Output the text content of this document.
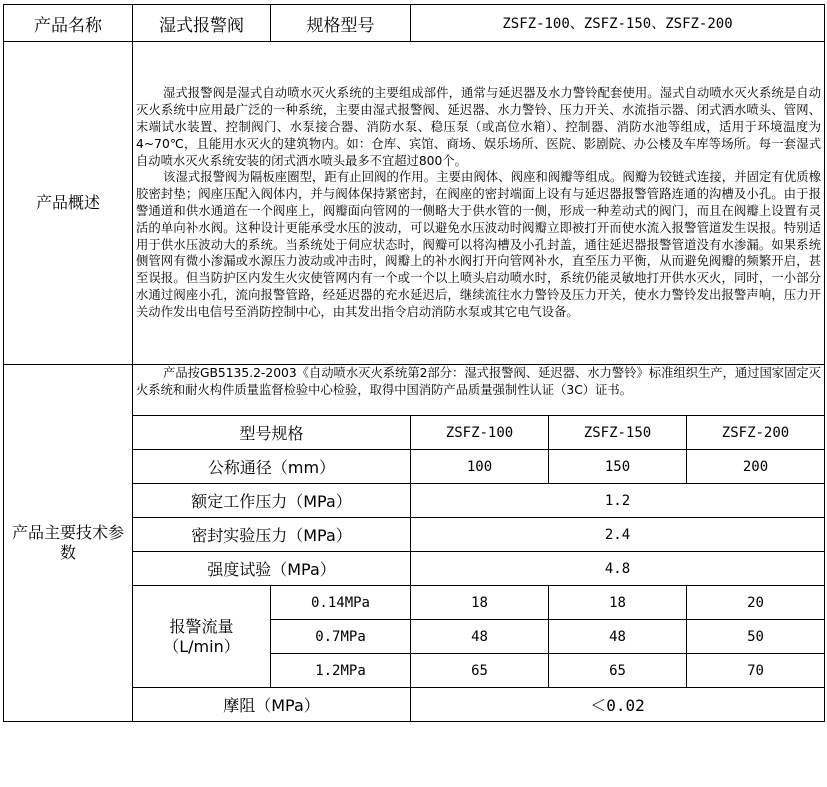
产品名称	湿式报警阀	规格型号	ZSFZ-100、ZSFZ-150、ZSFZ-200		
产品概述	湿式报警阀是湿式自动喷水灭火系统的主要组成部件，通常与延迟器及水力警铃配套使用。湿式自动喷水灭火系统是自动灭火系统中应用最广泛的一种系统，主要由湿式报警阀、延迟器、水力警铃、压力开关、水流指示器、闭式洒水喷头、管网、末端试水装置、控制阀门、水泵接合器、消防水泵、稳压泵（或高位水箱）、控制器、消防水池等组成，适用于环境温度为4~70℃，且能用水灭火的建筑物内。如：仓库、宾馆、商场、娱乐场所、医院、影剧院、办公楼及车库等场所。每一套湿式自动喷水灭火系统安装的闭式洒水喷头最多不宜超过800个。

该湿式报警阀为隔板座圈型，距有止回阀的作用。主要由阀体、阀座和阀瓣等组成。阀瓣为铰链式连接，并固定有优质橡胶密封垫；阀座压配入阀体内，并与阀体保持紧密封，在阀座的密封端面上设有与延迟器报警管路连通的沟槽及小孔。由于报警通道和供水通道在一个阀座上，阀瓣面向管网的一侧略大于供水管的一侧，形成一种差动式的阀门，而且在阀瓣上设置有灵活的单向补水阀。这种设计更能承受水压的波动，可以避免水压波动时阀瓣立即被打开而使水流入报警管道发生误报。特别适用于供水压波动大的系统。当系统处于伺应状态时，阀瓣可以将沟槽及小孔封盖，通往延迟器报警管道没有水渗漏。如果系统侧管网有微小渗漏或水源压力波动或冲击时，阀瓣上的补水阀打开向管网补水，直至压力平衡，从而避免阀瓣的频繁开启，甚至误报。但当防护区内发生火灾使管网内有一个或一个以上喷头启动喷水时，系统仍能灵敏地打开供水灭火，同时，一小部分水通过阀座小孔，流向报警管路，经延迟器的充水延迟后，继续流往水力警铃及压力开关，使水力警铃发出报警声响，压力开关动作发出电信号至消防控制中心，由其发出指令启动消防水泵或其它电气设备。				

产品主要技术参数	产品按GB5135.2-2003《自动喷水灭火系统第2部分：湿式报警阀、延迟器、水力警铃》标准组织生产，通过国家固定灭火系统和耐火构件质量监督检验中心检验，取得中国消防产品质量强制性认证（3C）证书。				
	型号规格		ZSFZ-100	ZSFZ-150	ZSFZ-200
	公称通径（mm）		100	150	200
	额定工作压力（MPa）		1.2		
	密封实验压力（MPa）		2.4		
	强度试验（MPa）		4.8		
	报警流量
（L/min）	0.14MPa	18	18	20
		0.7MPa	48	48	50
		1.2MPa	65	65	70
	摩阻（MPa）		＜0.02		
